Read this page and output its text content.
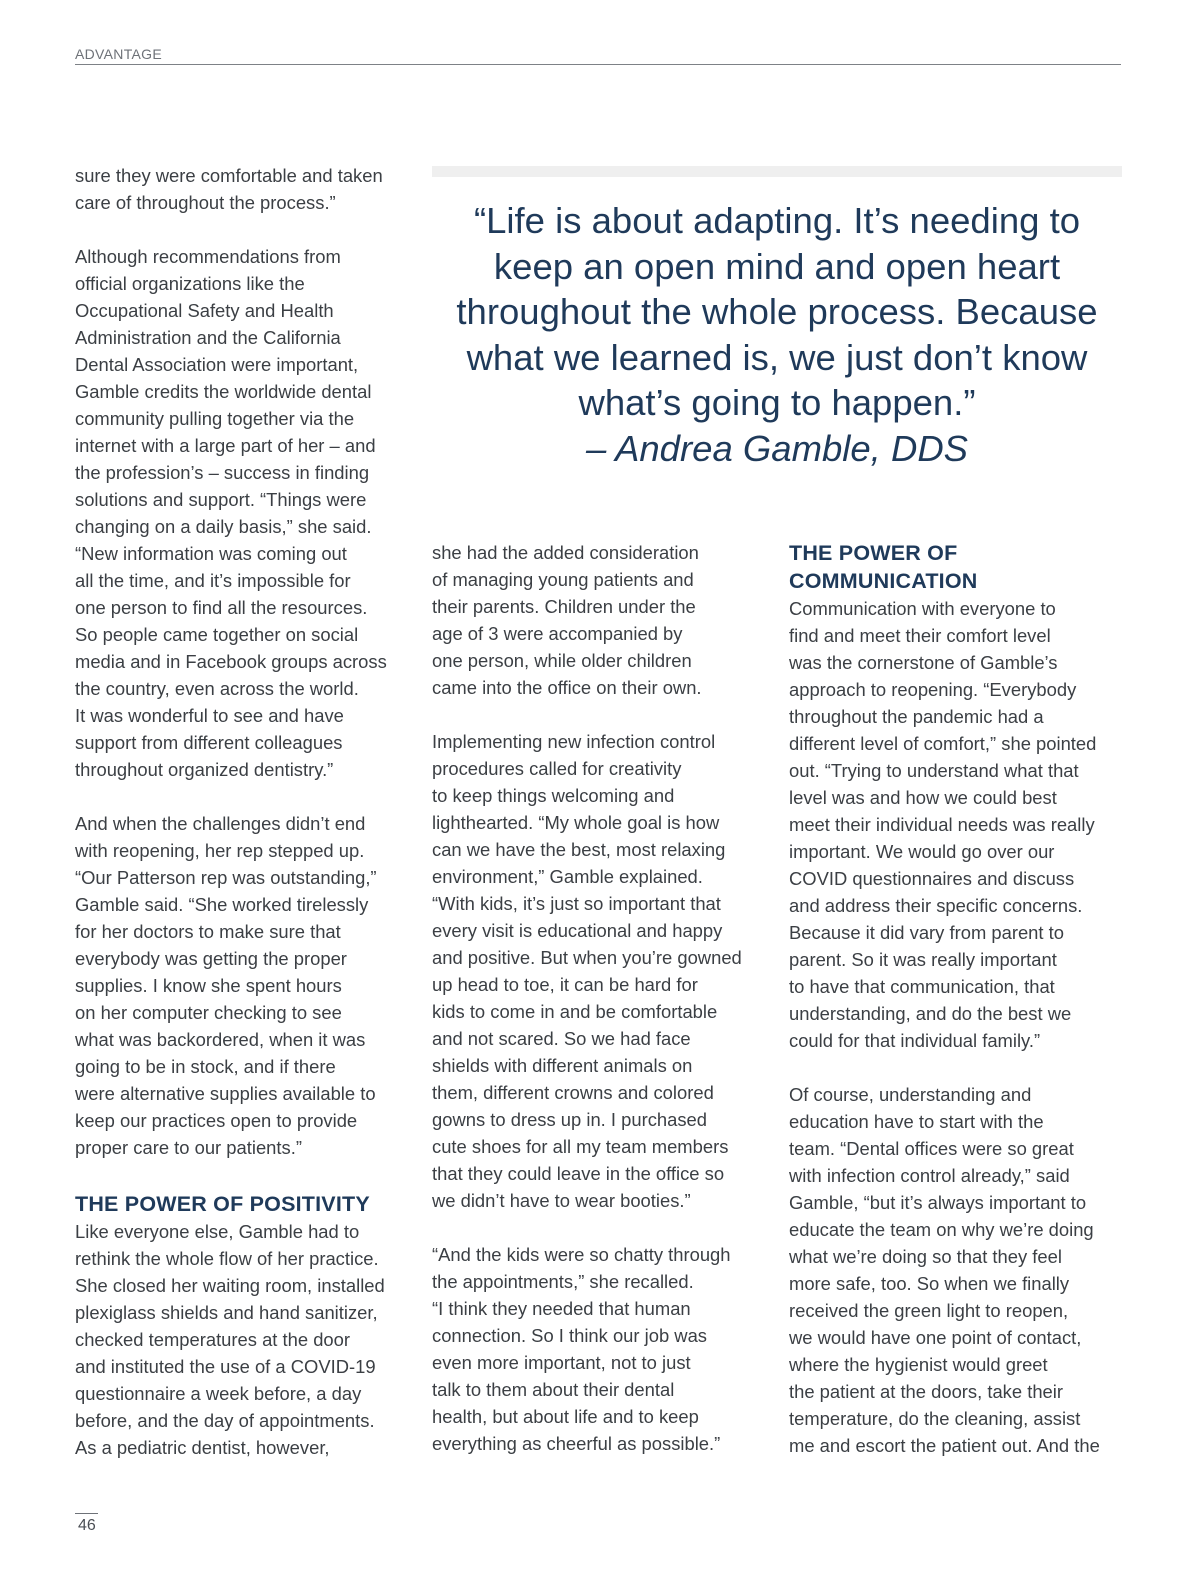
ADVANTAGE
“Life is about adapting. It’s needing to
keep an open mind and open heart
throughout the whole process. Because
what we learned is, we just don’t know
what’s going to happen.”
– Andrea Gamble, DDS

sure they were comfortable and taken
care of throughout the process.”

Although recommendations from
official organizations like the
Occupational Safety and Health
Administration and the California
Dental Association were important,
Gamble credits the worldwide dental
community pulling together via the
internet with a large part of her – and
the profession’s – success in finding
solutions and support. “Things were
changing on a daily basis,” she said.
“New information was coming out
all the time, and it’s impossible for
one person to find all the resources.
So people came together on social
media and in Facebook groups across
the country, even across the world.
It was wonderful to see and have
support from different colleagues
throughout organized dentistry.”

And when the challenges didn’t end
with reopening, her rep stepped up.
“Our Patterson rep was outstanding,”
Gamble said. “She worked tirelessly
for her doctors to make sure that
everybody was getting the proper
supplies. I know she spent hours
on her computer checking to see
what was backordered, when it was
going to be in stock, and if there
were alternative supplies available to
keep our practices open to provide
proper care to our patients.”

THE POWER OF POSITIVITY

Like everyone else, Gamble had to
rethink the whole flow of her practice.
She closed her waiting room, installed
plexiglass shields and hand sanitizer,
checked temperatures at the door
and instituted the use of a COVID-19
questionnaire a week before, a day
before, and the day of appointments.
As a pediatric dentist, however,

she had the added consideration
of managing young patients and
their parents. Children under the
age of 3 were accompanied by
one person, while older children
came into the office on their own.

Implementing new infection control
procedures called for creativity
to keep things welcoming and
lighthearted. “My whole goal is how
can we have the best, most relaxing
environment,” Gamble explained.
“With kids, it’s just so important that
every visit is educational and happy
and positive. But when you’re gowned
up head to toe, it can be hard for
kids to come in and be comfortable
and not scared. So we had face
shields with different animals on
them, different crowns and colored
gowns to dress up in. I purchased
cute shoes for all my team members
that they could leave in the office so
we didn’t have to wear booties.”

“And the kids were so chatty through
the appointments,” she recalled.
“I think they needed that human
connection. So I think our job was
even more important, not to just
talk to them about their dental
health, but about life and to keep
everything as cheerful as possible.”

THE POWER OF
COMMUNICATION

Communication with everyone to
find and meet their comfort level
was the cornerstone of Gamble’s
approach to reopening. “Everybody
throughout the pandemic had a
different level of comfort,” she pointed
out. “Trying to understand what that
level was and how we could best
meet their individual needs was really
important. We would go over our
COVID questionnaires and discuss
and address their specific concerns.
Because it did vary from parent to
parent. So it was really important
to have that communication, that
understanding, and do the best we
could for that individual family.”

Of course, understanding and
education have to start with the
team. “Dental offices were so great
with infection control already,” said
Gamble, “but it’s always important to
educate the team on why we’re doing
what we’re doing so that they feel
more safe, too. So when we finally
received the green light to reopen,
we would have one point of contact,
where the hygienist would greet
the patient at the doors, take their
temperature, do the cleaning, assist
me and escort the patient out. And the

46
